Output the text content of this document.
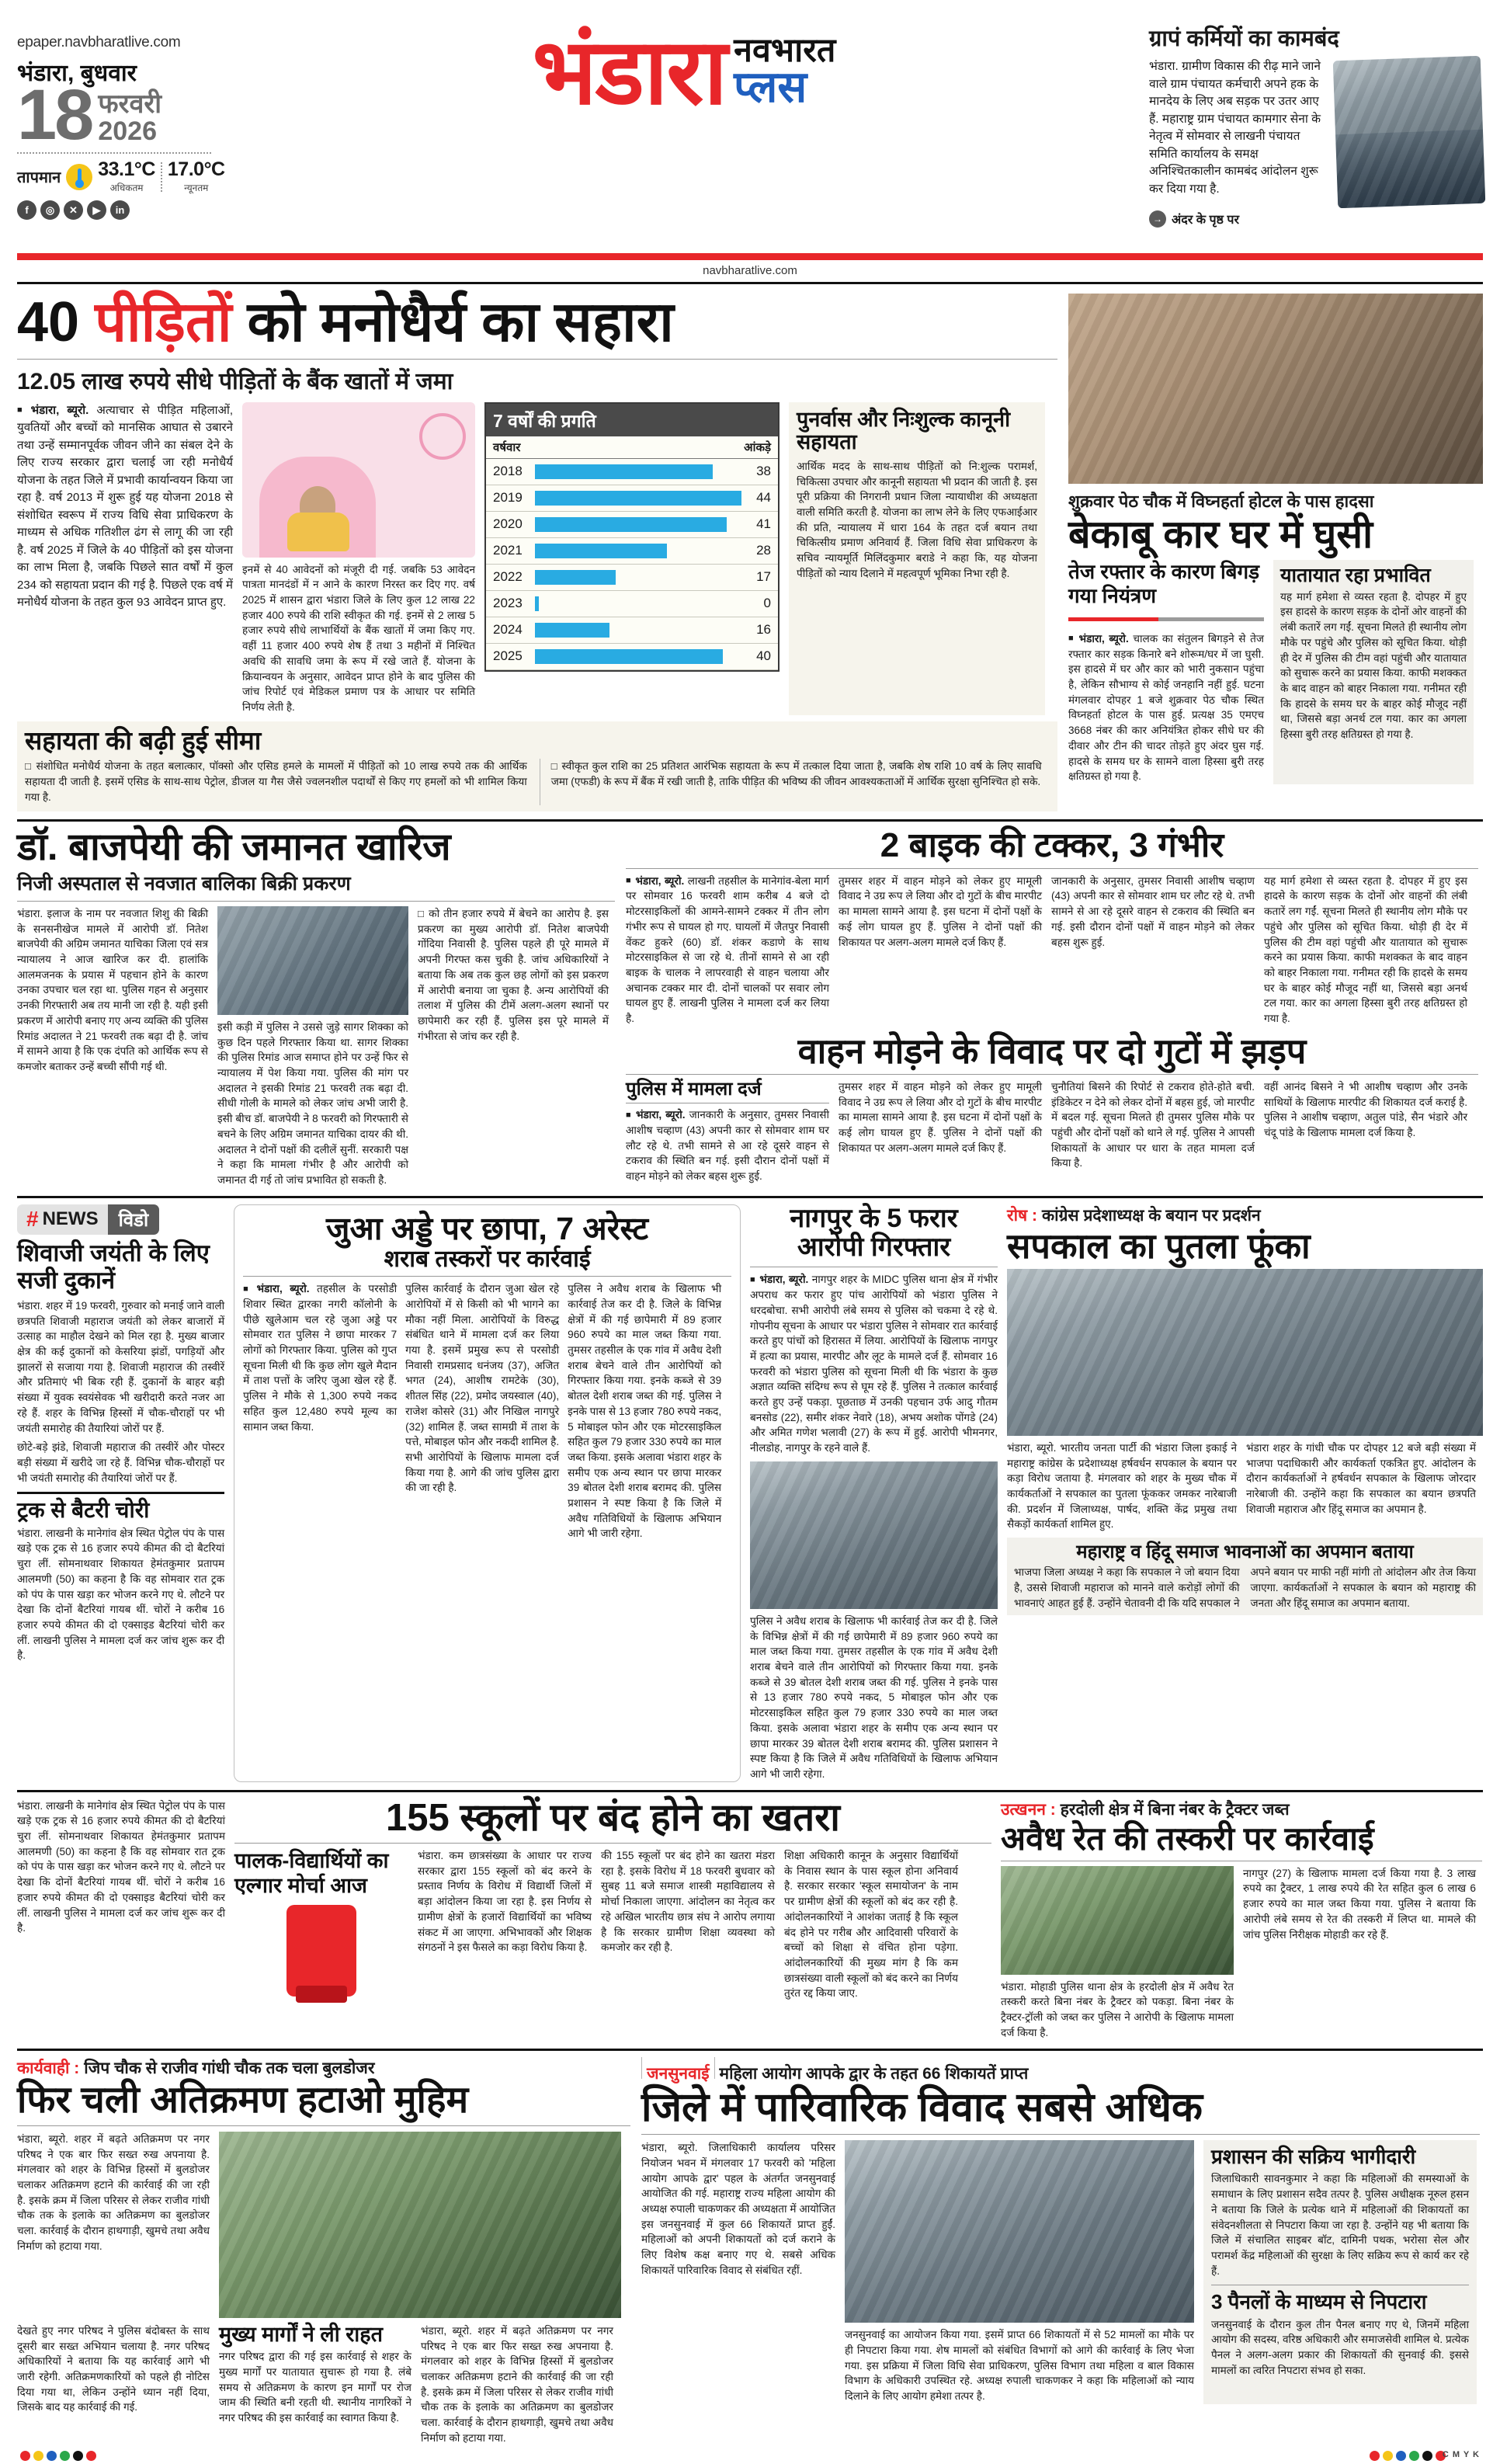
epaper.navbharatlive.com
भंडारा, बुधवार
18 फरवरी
2026
तापमान 33.1°C
अधिकतम
17.0°C
न्यूनतम
f	◎	✕	▶	in
भंडारा नवभारत
प्लस
ग्रापं कर्मियों का कामबंद
भंडारा. ग्रामीण विकास की रीढ़ माने जाने वाले ग्राम पंचायत कर्मचारी अपने हक के मानदेय के लिए अब सड़क पर उतर आए हैं. महाराष्ट्र ग्राम पंचायत कामगार सेना के नेतृत्व में सोमवार से लाखनी पंचायत समिति कार्यालय के समक्ष अनिश्चितकालीन कामबंद आंदोलन शुरू कर दिया गया है.
→ अंदर के पृष्ठ पर
navbharatlive.com
40 पीड़ितों को मनोधैर्य का सहारा
12.05 लाख रुपये सीधे पीड़ितों के बैंक खातों में जमा
■ भंडारा, ब्यूरो. अत्याचार से पीड़ित महिलाओं, युवतियों और बच्चों को मानसिक आघात से उबारने तथा उन्हें सम्मानपूर्वक जीवन जीने का संबल देने के लिए राज्य सरकार द्वारा चलाई जा रही मनोधैर्य योजना के तहत जिले में प्रभावी कार्यान्वयन किया जा रहा है. वर्ष 2013 में शुरू हुई यह योजना 2018 से संशोधित स्वरूप में राज्य विधि सेवा प्राधिकरण के माध्यम से अधिक गतिशील ढंग से लागू की जा रही है. वर्ष 2025 में जिले के 40 पीड़ितों को इस योजना का लाभ मिला है, जबकि पिछले सात वर्षों में कुल 234 को सहायता प्रदान की गई है. पिछले एक वर्ष में मनोधैर्य योजना के तहत कुल 93 आवेदन प्राप्त हुए.
इनमें से 40 आवेदनों को मंजूरी दी गई. जबकि 53 आवेदन पात्रता मानदंडों में न आने के कारण निरस्त कर दिए गए. वर्ष 2025 में शासन द्वारा भंडारा जिले के लिए कुल 12 लाख 22 हजार 400 रुपये की राशि स्वीकृत की गई. इनमें से 2 लाख 5 हजार रुपये सीधे लाभार्थियों के बैंक खातों में जमा किए गए. वहीं 11 हजार 400 रुपये शेष हैं तथा 3 महीनों में निश्चित अवधि की सावधि जमा के रूप में रखे जाते हैं. योजना के क्रियान्वयन के अनुसार, आवेदन प्राप्त होने के बाद पुलिस की जांच रिपोर्ट एवं मेडिकल प्रमाण पत्र के आधार पर समिति निर्णय लेती है.
7 वर्षों की प्रगति
वर्षवार	आंकड़े
2018	38
2019	44
2020	41
2021	28
2022	17
2023	0
2024	16
2025	40
पुनर्वास और निःशुल्क कानूनी सहायता
आर्थिक मदद के साथ-साथ पीड़ितों को नि:शुल्क परामर्श, चिकित्सा उपचार और कानूनी सहायता भी प्रदान की जाती है. इस पूरी प्रक्रिया की निगरानी प्रधान जिला न्यायाधीश की अध्यक्षता वाली समिति करती है. योजना का लाभ लेने के लिए एफआईआर की प्रति, न्यायालय में धारा 164 के तहत दर्ज बयान तथा चिकित्सीय प्रमाण अनिवार्य हैं. जिला विधि सेवा प्राधिकरण के सचिव न्यायमूर्ति मिलिंदकुमार बराडे ने कहा कि, यह योजना पीड़ितों को न्याय दिलाने में महत्वपूर्ण भूमिका निभा रही है.
सहायता की बढ़ी हुई सीमा
□ संशोधित मनोधैर्य योजना के तहत बलात्कार, पॉक्सो और एसिड हमले के मामलों में पीड़ितों को 10 लाख रुपये तक की आर्थिक सहायता दी जाती है. इसमें एसिड के साथ-साथ पेट्रोल, डीजल या गैस जैसे ज्वलनशील पदार्थों से किए गए हमलों को भी शामिल किया गया है.
□ स्वीकृत कुल राशि का 25 प्रतिशत आरंभिक सहायता के रूप में तत्काल दिया जाता है, जबकि शेष राशि 10 वर्ष के लिए सावधि जमा (एफडी) के रूप में बैंक में रखी जाती है, ताकि पीड़ित की भविष्य की जीवन आवश्यकताओं में आर्थिक सुरक्षा सुनिश्चित हो सके.
शुक्रवार पेठ चौक में विघ्नहर्ता होटल के पास हादसा
बेकाबू कार घर में घुसी
तेज रफ्तार के कारण बिगड़ गया नियंत्रण
■ भंडारा, ब्यूरो. चालक का संतुलन बिगड़ने से तेज रफ्तार कार सड़क किनारे बने शोरूम/घर में जा घुसी. इस हादसे में घर और कार को भारी नुकसान पहुंचा है, लेकिन सौभाग्य से कोई जनहानि नहीं हुई. घटना मंगलवार दोपहर 1 बजे शुक्रवार पेठ चौक स्थित विघ्नहर्ता होटल के पास हुई. प्रत्यक्ष 35 एमएच 3668 नंबर की कार अनियंत्रित होकर सीधे घर की दीवार और टीन की चादर तोड़ते हुए अंदर घुस गई. हादसे के समय घर के सामने वाला हिस्सा बुरी तरह क्षतिग्रस्त हो गया है.
यातायात रहा प्रभावित
यह मार्ग हमेशा से व्यस्त रहता है. दोपहर में हुए इस हादसे के कारण सड़क के दोनों ओर वाहनों की लंबी कतारें लग गईं. सूचना मिलते ही स्थानीय लोग मौके पर पहुंचे और पुलिस को सूचित किया. थोड़ी ही देर में पुलिस की टीम वहां पहुंची और यातायात को सुचारू करने का प्रयास किया. काफी मशक्कत के बाद वाहन को बाहर निकाला गया. गनीमत रही कि हादसे के समय घर के बाहर कोई मौजूद नहीं था, जिससे बड़ा अनर्थ टल गया. कार का अगला हिस्सा बुरी तरह क्षतिग्रस्त हो गया है.
डॉ. बाजपेयी की जमानत खारिज
निजी अस्पताल से नवजात बालिका बिक्री प्रकरण
भंडारा. इलाज के नाम पर नवजात शिशु की बिक्री के सनसनीखेज मामले में आरोपी डॉ. नितेश बाजपेयी की अग्रिम जमानत याचिका जिला एवं सत्र न्यायालय ने आज खारिज कर दी. हालांकि आलमजनक के प्रयास में पहचान होने के कारण उनका उपचार चल रहा था. पुलिस गहन से अनुसार उनकी गिरफ्तारी अब तय मानी जा रही है. यही इसी प्रकरण में आरोपी बनाए गए अन्य व्यक्ति की पुलिस रिमांड अदालत ने 21 फरवरी तक बढ़ा दी है. जांच में सामने आया है कि एक दंपति को आर्थिक रूप से कमजोर बताकर उन्हें बच्ची सौंपी गई थी.
इसी कड़ी में पुलिस ने उससे जुड़े सागर शिक्का को कुछ दिन पहले गिरफ्तार किया था. सागर शिक्का की पुलिस रिमांड आज समाप्त होने पर उन्हें फिर से न्यायालय में पेश किया गया. पुलिस की मांग पर अदालत ने इसकी रिमांड 21 फरवरी तक बढ़ा दी. सीधी गोली के मामले को लेकर जांच अभी जारी है. इसी बीच डॉ. बाजपेयी ने 8 फरवरी को गिरफ्तारी से बचने के लिए अग्रिम जमानत याचिका दायर की थी. अदालत ने दोनों पक्षों की दलीलें सुनीं. सरकारी पक्ष ने कहा कि मामला गंभीर है और आरोपी को जमानत दी गई तो जांच प्रभावित हो सकती है.
□ को तीन हजार रुपये में बेचने का आरोप है. इस प्रकरण का मुख्य आरोपी डॉ. नितेश बाजपेयी गोंदिया निवासी है. पुलिस पहले ही पूरे मामले में अपनी गिरफ्त कस चुकी है. जांच अधिकारियों ने बताया कि अब तक कुल छह लोगों को इस प्रकरण में आरोपी बनाया जा चुका है. अन्य आरोपियों की तलाश में पुलिस की टीमें अलग-अलग स्थानों पर छापेमारी कर रही हैं. पुलिस इस पूरे मामले में गंभीरता से जांच कर रही है.
2 बाइक की टक्कर, 3 गंभीर
■ भंडारा, ब्यूरो. लाखनी तहसील के मानेगांव-बेला मार्ग पर सोमवार 16 फरवरी शाम करीब 4 बजे दो मोटरसाइकिलों की आमने-सामने टक्कर में तीन लोग गंभीर रूप से घायल हो गए. घायलों में जैतपुर निवासी वेंकट हुकरे (60) डॉ. शंकर कडाणे के साथ मोटरसाइकिल से जा रहे थे. तीनों सामने से आ रही बाइक के चालक ने लापरवाही से वाहन चलाया और अचानक टक्कर मार दी. दोनों चालकों पर सवार लोग घायल हुए हैं. लाखनी पुलिस ने मामला दर्ज कर लिया है.
तुमसर शहर में वाहन मोड़ने को लेकर हुए मामूली विवाद ने उग्र रूप ले लिया और दो गुटों के बीच मारपीट का मामला सामने आया है. इस घटना में दोनों पक्षों के कई लोग घायल हुए हैं. पुलिस ने दोनों पक्षों की शिकायत पर अलग-अलग मामले दर्ज किए हैं.
जानकारी के अनुसार, तुमसर निवासी आशीष चव्हाण (43) अपनी कार से सोमवार शाम घर लौट रहे थे. तभी सामने से आ रहे दूसरे वाहन से टकराव की स्थिति बन गई. इसी दौरान दोनों पक्षों में वाहन मोड़ने को लेकर बहस शुरू हुई.
यह मार्ग हमेशा से व्यस्त रहता है. दोपहर में हुए इस हादसे के कारण सड़क के दोनों ओर वाहनों की लंबी कतारें लग गईं. सूचना मिलते ही स्थानीय लोग मौके पर पहुंचे और पुलिस को सूचित किया. थोड़ी ही देर में पुलिस की टीम वहां पहुंची और यातायात को सुचारू करने का प्रयास किया. काफी मशक्कत के बाद वाहन को बाहर निकाला गया. गनीमत रही कि हादसे के समय घर के बाहर कोई मौजूद नहीं था, जिससे बड़ा अनर्थ टल गया. कार का अगला हिस्सा बुरी तरह क्षतिग्रस्त हो गया है.
वाहन मोड़ने के विवाद पर दो गुटों में झड़प
पुलिस में मामला दर्ज
■ भंडारा, ब्यूरो. जानकारी के अनुसार, तुमसर निवासी आशीष चव्हाण (43) अपनी कार से सोमवार शाम घर लौट रहे थे. तभी सामने से आ रहे दूसरे वाहन से टकराव की स्थिति बन गई. इसी दौरान दोनों पक्षों में वाहन मोड़ने को लेकर बहस शुरू हुई.
तुमसर शहर में वाहन मोड़ने को लेकर हुए मामूली विवाद ने उग्र रूप ले लिया और दो गुटों के बीच मारपीट का मामला सामने आया है. इस घटना में दोनों पक्षों के कई लोग घायल हुए हैं. पुलिस ने दोनों पक्षों की शिकायत पर अलग-अलग मामले दर्ज किए हैं.
चुनौतियां बिसने की रिपोर्ट से टकराव होते-होते बची. इंडिकेटर न देने को लेकर दोनों में बहस हुई, जो मारपीट में बदल गई. सूचना मिलते ही तुमसर पुलिस मौके पर पहुंची और दोनों पक्षों को थाने ले गई. पुलिस ने आपसी शिकायतों के आधार पर धारा के तहत मामला दर्ज किया है.
वहीं आनंद बिसने ने भी आशीष चव्हाण और उनके साथियों के खिलाफ मारपीट की शिकायत दर्ज कराई है. पुलिस ने आशीष चव्हाण, अतुल पांडे, सैन भंडारे और चंदू पांडे के खिलाफ मामला दर्ज किया है.
# NEWS	विडो
शिवाजी जयंती के लिए सजी दुकानें
भंडारा. शहर में 19 फरवरी, गुरुवार को मनाई जाने वाली छत्रपति शिवाजी महाराज जयंती को लेकर बाजारों में उत्साह का माहौल देखने को मिल रहा है. मुख्य बाजार क्षेत्र की कई दुकानों को केसरिया झंडों, पगड़ियों और झालरों से सजाया गया है. शिवाजी महाराज की तस्वीरें और प्रतिमाएं भी बिक रही हैं. दुकानों के बाहर बड़ी संख्या में युवक स्वयंसेवक भी खरीदारी करते नजर आ रहे हैं. शहर के विभिन्न हिस्सों में चौक-चौराहों पर भी जयंती समारोह की तैयारियां जोरों पर हैं.
छोटे-बड़े झंडे, शिवाजी महाराज की तस्वीरें और पोस्टर बड़ी संख्या में खरीदे जा रहे हैं. विभिन्न चौक-चौराहों पर भी जयंती समारोह की तैयारियां जोरों पर हैं.
ट्रक से बैटरी चोरी
भंडारा. लाखनी के मानेगांव क्षेत्र स्थित पेट्रोल पंप के पास खड़े एक ट्रक से 16 हजार रुपये कीमत की दो बैटरियां चुरा लीं. सोमनाथवार शिकायत हेमंतकुमार प्रतापम आलमणी (50) का कहना है कि वह सोमवार रात ट्रक को पंप के पास खड़ा कर भोजन करने गए थे. लौटने पर देखा कि दोनों बैटरियां गायब थीं. चोरों ने करीब 16 हजार रुपये कीमत की दो एक्साइड बैटरियां चोरी कर लीं. लाखनी पुलिस ने मामला दर्ज कर जांच शुरू कर दी है.
जुआ अड्डे पर छापा, 7 अरेस्ट
शराब तस्करों पर कार्रवाई
■ भंडारा, ब्यूरो. तहसील के परसोडी शिवार स्थित द्वारका नगरी कॉलोनी के पीछे खुलेआम चल रहे जुआ अड्डे पर सोमवार रात पुलिस ने छापा मारकर 7 लोगों को गिरफ्तार किया. पुलिस को गुप्त सूचना मिली थी कि कुछ लोग खुले मैदान में ताश पत्तों के जरिए जुआ खेल रहे हैं. पुलिस ने मौके से 1,300 रुपये नकद सहित कुल 12,480 रुपये मूल्य का सामान जब्त किया.
पुलिस कार्रवाई के दौरान जुआ खेल रहे आरोपियों में से किसी को भी भागने का मौका नहीं मिला. आरोपियों के विरुद्ध संबंधित थाने में मामला दर्ज कर लिया गया है. इसमें प्रमुख रूप से परसोडी निवासी रामप्रसाद धनंजय (37), अजित भगत (24), आशीष रामटेके (30), शीतल सिंह (22), प्रमोद जयस्वाल (40), राजेश कोसरे (31) और निखिल नागपुरे (32) शामिल हैं. जब्त सामग्री में ताश के पत्ते, मोबाइल फोन और नकदी शामिल है. सभी आरोपियों के खिलाफ मामला दर्ज किया गया है. आगे की जांच पुलिस द्वारा की जा रही है.
पुलिस ने अवैध शराब के खिलाफ भी कार्रवाई तेज कर दी है. जिले के विभिन्न क्षेत्रों में की गई छापेमारी में 89 हजार 960 रुपये का माल जब्त किया गया. तुमसर तहसील के एक गांव में अवैध देशी शराब बेचने वाले तीन आरोपियों को गिरफ्तार किया गया. इनके कब्जे से 39 बोतल देशी शराब जब्त की गई. पुलिस ने इनके पास से 13 हजार 780 रुपये नकद, 5 मोबाइल फोन और एक मोटरसाइकिल सहित कुल 79 हजार 330 रुपये का माल जब्त किया. इसके अलावा भंडारा शहर के समीप एक अन्य स्थान पर छापा मारकर 39 बोतल देशी शराब बरामद की. पुलिस प्रशासन ने स्पष्ट किया है कि जिले में अवैध गतिविधियों के खिलाफ अभियान आगे भी जारी रहेगा.
नागपुर के 5 फरार
आरोपी गिरफ्तार
■ भंडारा, ब्यूरो. नागपुर शहर के MIDC पुलिस थाना क्षेत्र में गंभीर अपराध कर फरार हुए पांच आरोपियों को भंडारा पुलिस ने धरदबोचा. सभी आरोपी लंबे समय से पुलिस को चकमा दे रहे थे. गोपनीय सूचना के आधार पर भंडारा पुलिस ने सोमवार रात कार्रवाई करते हुए पांचों को हिरासत में लिया. आरोपियों के खिलाफ नागपुर में हत्या का प्रयास, मारपीट और लूट के मामले दर्ज हैं. सोमवार 16 फरवरी को भंडारा पुलिस को सूचना मिली थी कि भंडारा के कुछ अज्ञात व्यक्ति संदिग्ध रूप से घूम रहे हैं. पुलिस ने तत्काल कार्रवाई करते हुए उन्हें पकड़ा. पूछताछ में उनकी पहचान उर्फ आदु गौतम बनसोड (22), समीर शंकर नेवारे (18), अभय अशोक पोंगडे (24) और अमित गणेश भलावी (27) के रूप में हुई. आरोपी भीमनगर, नीलडोह, नागपुर के रहने वाले हैं.
पुलिस ने अवैध शराब के खिलाफ भी कार्रवाई तेज कर दी है. जिले के विभिन्न क्षेत्रों में की गई छापेमारी में 89 हजार 960 रुपये का माल जब्त किया गया. तुमसर तहसील के एक गांव में अवैध देशी शराब बेचने वाले तीन आरोपियों को गिरफ्तार किया गया. इनके कब्जे से 39 बोतल देशी शराब जब्त की गई. पुलिस ने इनके पास से 13 हजार 780 रुपये नकद, 5 मोबाइल फोन और एक मोटरसाइकिल सहित कुल 79 हजार 330 रुपये का माल जब्त किया. इसके अलावा भंडारा शहर के समीप एक अन्य स्थान पर छापा मारकर 39 बोतल देशी शराब बरामद की. पुलिस प्रशासन ने स्पष्ट किया है कि जिले में अवैध गतिविधियों के खिलाफ अभियान आगे भी जारी रहेगा.
रोष : कांग्रेस प्रदेशाध्यक्ष के बयान पर प्रदर्शन
सपकाल का पुतला फूंका
भंडारा, ब्यूरो. भारतीय जनता पार्टी की भंडारा जिला इकाई ने महाराष्ट्र कांग्रेस के प्रदेशाध्यक्ष हर्षवर्धन सपकाल के बयान पर कड़ा विरोध जताया है. मंगलवार को शहर के मुख्य चौक में कार्यकर्ताओं ने सपकाल का पुतला फूंककर जमकर नारेबाजी की. प्रदर्शन में जिलाध्यक्ष, पार्षद, शक्ति केंद्र प्रमुख तथा सैकड़ों कार्यकर्ता शामिल हुए.
भंडारा शहर के गांधी चौक पर दोपहर 12 बजे बड़ी संख्या में भाजपा पदाधिकारी और कार्यकर्ता एकत्रित हुए. आंदोलन के दौरान कार्यकर्ताओं ने हर्षवर्धन सपकाल के खिलाफ जोरदार नारेबाजी की. उन्होंने कहा कि सपकाल का बयान छत्रपति शिवाजी महाराज और हिंदू समाज का अपमान है.
महाराष्ट्र व हिंदू समाज भावनाओं का अपमान बताया
भाजपा जिला अध्यक्ष ने कहा कि सपकाल ने जो बयान दिया है, उससे शिवाजी महाराज को मानने वाले करोड़ों लोगों की भावनाएं आहत हुई हैं. उन्होंने चेतावनी दी कि यदि सपकाल ने अपने बयान पर माफी नहीं मांगी तो आंदोलन और तेज किया जाएगा. कार्यकर्ताओं ने सपकाल के बयान को महाराष्ट्र की जनता और हिंदू समाज का अपमान बताया.
भंडारा. लाखनी के मानेगांव क्षेत्र स्थित पेट्रोल पंप के पास खड़े एक ट्रक से 16 हजार रुपये कीमत की दो बैटरियां चुरा लीं. सोमनाथवार शिकायत हेमंतकुमार प्रतापम आलमणी (50) का कहना है कि वह सोमवार रात ट्रक को पंप के पास खड़ा कर भोजन करने गए थे. लौटने पर देखा कि दोनों बैटरियां गायब थीं. चोरों ने करीब 16 हजार रुपये कीमत की दो एक्साइड बैटरियां चोरी कर लीं. लाखनी पुलिस ने मामला दर्ज कर जांच शुरू कर दी है.
155 स्कूलों पर बंद होने का खतरा
पालक-विद्यार्थियों का एल्गार मोर्चा आज
भंडारा. कम छात्रसंख्या के आधार पर राज्य सरकार द्वारा 155 स्कूलों को बंद करने के प्रस्ताव निर्णय के विरोध में विद्यार्थी जिलों में बड़ा आंदोलन किया जा रहा है. इस निर्णय से ग्रामीण क्षेत्रों के हजारों विद्यार्थियों का भविष्य संकट में आ जाएगा. अभिभावकों और शिक्षक संगठनों ने इस फैसले का कड़ा विरोध किया है.
की 155 स्कूलों पर बंद होने का खतरा मंडरा रहा है. इसके विरोध में 18 फरवरी बुधवार को सुबह 11 बजे समाज शास्त्री महाविद्यालय से मोर्चा निकाला जाएगा. आंदोलन का नेतृत्व कर रहे अखिल भारतीय छात्र संघ ने आरोप लगाया है कि सरकार ग्रामीण शिक्षा व्यवस्था को कमजोर कर रही है.
शिक्षा अधिकारी कानून के अनुसार विद्यार्थियों के निवास स्थान के पास स्कूल होना अनिवार्य है. सरकार सरकार 'स्कूल समायोजन' के नाम पर ग्रामीण क्षेत्रों की स्कूलों को बंद कर रही है. आंदोलनकारियों ने आशंका जताई है कि स्कूल बंद होने पर गरीब और आदिवासी परिवारों के बच्चों को शिक्षा से वंचित होना पड़ेगा. आंदोलनकारियों की मुख्य मांग है कि कम छात्रसंख्या वाली स्कूलों को बंद करने का निर्णय तुरंत रद्द किया जाए.
उत्खनन : हरदोली क्षेत्र में बिना नंबर के ट्रैक्टर जब्त
अवैध रेत की तस्करी पर कार्रवाई
भंडारा. मोहाडी पुलिस थाना क्षेत्र के हरदोली क्षेत्र में अवैध रेत तस्करी करते बिना नंबर के ट्रैक्टर को पकड़ा. बिना नंबर के ट्रैक्टर-ट्रॉली को जब्त कर पुलिस ने आरोपी के खिलाफ मामला दर्ज किया है.
नागपुर (27) के खिलाफ मामला दर्ज किया गया है. 3 लाख रुपये का ट्रैक्टर, 1 लाख रुपये की रेत सहित कुल 6 लाख 6 हजार रुपये का माल जब्त किया गया. पुलिस ने बताया कि आरोपी लंबे समय से रेत की तस्करी में लिप्त था. मामले की जांच पुलिस निरीक्षक मोहाडी कर रहे हैं.
कार्यवाही : जिप चौक से राजीव गांधी चौक तक चला बुलडोजर
फिर चली अतिक्रमण हटाओ मुहिम
भंडारा, ब्यूरो. शहर में बढ़ते अतिक्रमण पर नगर परिषद ने एक बार फिर सख्त रुख अपनाया है. मंगलवार को शहर के विभिन्न हिस्सों में बुलडोजर चलाकर अतिक्रमण हटाने की कार्रवाई की जा रही है. इसके क्रम में जिला परिसर से लेकर राजीव गांधी चौक तक के इलाके का अतिक्रमण का बुलडोजर चला. कार्रवाई के दौरान हाथगाड़ी, खुमचे तथा अवैध निर्माण को हटाया गया.
देखते हुए नगर परिषद ने पुलिस बंदोबस्त के साथ दूसरी बार सख्त अभियान चलाया है. नगर परिषद अधिकारियों ने बताया कि यह कार्रवाई आगे भी जारी रहेगी. अतिक्रमणकारियों को पहले ही नोटिस दिया गया था, लेकिन उन्होंने ध्यान नहीं दिया, जिसके बाद यह कार्रवाई की गई.
मुख्य मार्गों ने ली राहत
नगर परिषद द्वारा की गई इस कार्रवाई से शहर के मुख्य मार्गों पर यातायात सुचारू हो गया है. लंबे समय से अतिक्रमण के कारण इन मार्गों पर रोज जाम की स्थिति बनी रहती थी. स्थानीय नागरिकों ने नगर परिषद की इस कार्रवाई का स्वागत किया है.
भंडारा, ब्यूरो. शहर में बढ़ते अतिक्रमण पर नगर परिषद ने एक बार फिर सख्त रुख अपनाया है. मंगलवार को शहर के विभिन्न हिस्सों में बुलडोजर चलाकर अतिक्रमण हटाने की कार्रवाई की जा रही है. इसके क्रम में जिला परिसर से लेकर राजीव गांधी चौक तक के इलाके का अतिक्रमण का बुलडोजर चला. कार्रवाई के दौरान हाथगाड़ी, खुमचे तथा अवैध निर्माण को हटाया गया.
जनसुनवाई महिला आयोग आपके द्वार के तहत 66 शिकायतें प्राप्त
जिले में पारिवारिक विवाद सबसे अधिक
भंडारा, ब्यूरो. जिलाधिकारी कार्यालय परिसर नियोजन भवन में मंगलवार 17 फरवरी को 'महिला आयोग आपके द्वार' पहल के अंतर्गत जनसुनवाई आयोजित की गई. महाराष्ट्र राज्य महिला आयोग की अध्यक्ष रुपाली चाकणकर की अध्यक्षता में आयोजित इस जनसुनवाई में कुल 66 शिकायतें प्राप्त हुईं. महिलाओं को अपनी शिकायतों को दर्ज कराने के लिए विशेष कक्ष बनाए गए थे. सबसे अधिक शिकायतें पारिवारिक विवाद से संबंधित रहीं.
जनसुनवाई का आयोजन किया गया. इसमें प्राप्त 66 शिकायतों में से 52 मामलों का मौके पर ही निपटारा किया गया. शेष मामलों को संबंधित विभागों को आगे की कार्रवाई के लिए भेजा गया. इस प्रक्रिया में जिला विधि सेवा प्राधिकरण, पुलिस विभाग तथा महिला व बाल विकास विभाग के अधिकारी उपस्थित रहे. अध्यक्ष रुपाली चाकणकर ने कहा कि महिलाओं को न्याय दिलाने के लिए आयोग हमेशा तत्पर है.
प्रशासन की सक्रिय भागीदारी
जिलाधिकारी सावनकुमार ने कहा कि महिलाओं की समस्याओं के समाधान के लिए प्रशासन सदैव तत्पर है. पुलिस अधीक्षक नूरुल हसन ने बताया कि जिले के प्रत्येक थाने में महिलाओं की शिकायतों का संवेदनशीलता से निपटारा किया जा रहा है. उन्होंने यह भी बताया कि जिले में संचालित साइबर बॉट, दामिनी पथक, भरोसा सेल और परामर्श केंद्र महिलाओं की सुरक्षा के लिए सक्रिय रूप से कार्य कर रहे हैं.
3 पैनलों के माध्यम से निपटारा
जनसुनवाई के दौरान कुल तीन पैनल बनाए गए थे, जिनमें महिला आयोग की सदस्य, वरिष्ठ अधिकारी और समाजसेवी शामिल थे. प्रत्येक पैनल ने अलग-अलग प्रकार की शिकायतों की सुनवाई की. इससे मामलों का त्वरित निपटारा संभव हो सका.
C M Y K
